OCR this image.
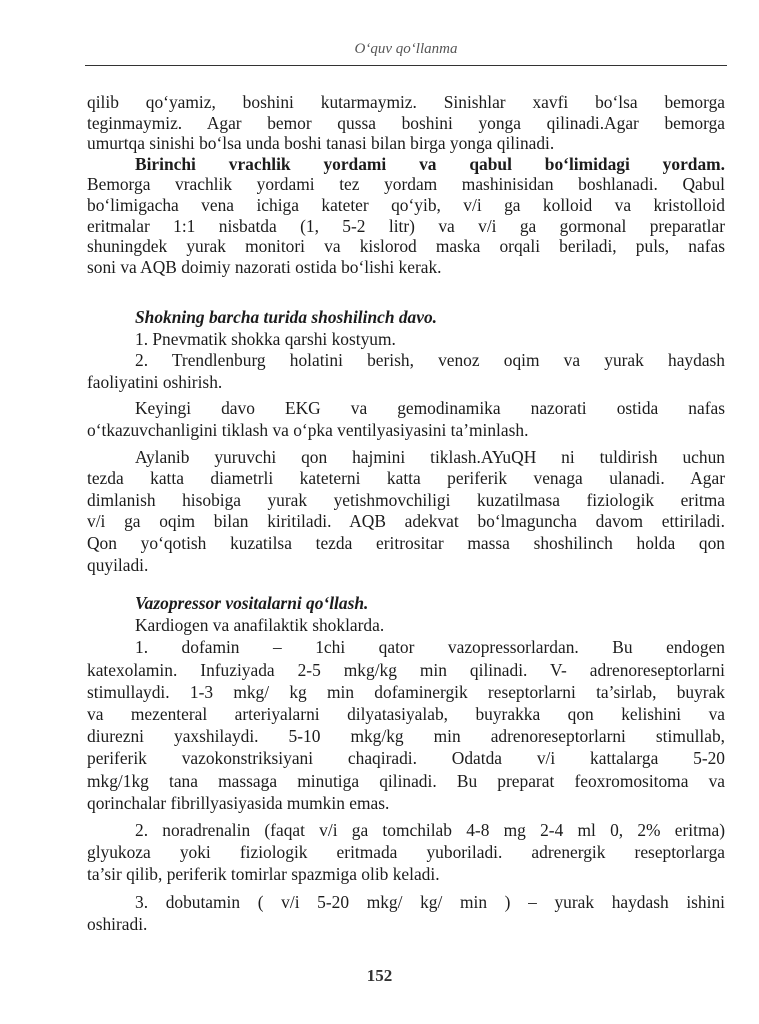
O‘quv qo‘llanma
qilib qo‘yamiz, boshini kutarmaymiz. Sinishlar xavfi bo‘lsa bemorga
teginmaymiz. Agar bemor qussa boshini yonga qilinadi.Agar bemorga
umurtqa sinishi bo‘lsa unda boshi tanasi bilan birga yonga qilinadi.
Birinchi vrachlik yordami va qabul bo‘limidagi yordam.
Bemorga vrachlik yordami tez yordam mashinisidan boshlanadi. Qabul
bo‘limigacha vena ichiga kateter qo‘yib, v/i ga kolloid va kristolloid
eritmalar 1:1 nisbatda (1, 5-2 litr) va v/i ga gormonal preparatlar
shuningdek yurak monitori va kislorod maska orqali beriladi, puls, nafas
soni va AQB doimiy nazorati ostida bo‘lishi kerak.
Shokning barcha turida shoshilinch davo.
1. Pnevmatik shokka qarshi kostyum.
2. Trendlenburg holatini berish, venoz oqim va yurak haydash
faoliyatini oshirish.
Keyingi davo EKG va gemodinamika nazorati ostida nafas
o‘tkazuvchanligini tiklash va o‘pka ventilyasiyasini ta’minlash.
Aylanib yuruvchi qon hajmini tiklash.AYuQH ni tuldirish uchun
tezda katta diametrli kateterni katta periferik venaga ulanadi. Agar
dimlanish hisobiga yurak yetishmovchiligi kuzatilmasa fiziologik eritma
v/i ga oqim bilan kiritiladi. AQB adekvat bo‘lmaguncha davom ettiriladi.
Qon yo‘qotish kuzatilsa tezda eritrositar massa shoshilinch holda qon
quyiladi.
Vazopressor vositalarni qo‘llash.
Kardiogen va anafilaktik shoklarda.
1. dofamin – 1chi qator vazopressorlardan. Bu endogen
katexolamin. Infuziyada 2-5 mkg/kg min qilinadi. V- adrenoreseptorlarni
stimullaydi. 1-3 mkg/ kg min dofaminergik reseptorlarni ta’sirlab, buyrak
va mezenteral arteriyalarni dilyatasiyalab, buyrakka qon kelishini va
diurezni yaxshilaydi. 5-10 mkg/kg min adrenoreseptorlarni stimullab,
periferik vazokonstriksiyani chaqiradi. Odatda v/i kattalarga 5-20
mkg/1kg tana massaga minutiga qilinadi. Bu preparat feoxromositoma va
qorinchalar fibrillyasiyasida mumkin emas.
2. noradrenalin (faqat v/i ga tomchilab 4-8 mg 2-4 ml 0, 2% eritma)
glyukoza yoki fiziologik eritmada yuboriladi. adrenergik reseptorlarga
ta’sir qilib, periferik tomirlar spazmiga olib keladi.
3. dobutamin ( v/i 5-20 mkg/ kg/ min ) – yurak haydash ishini
oshiradi.
152
